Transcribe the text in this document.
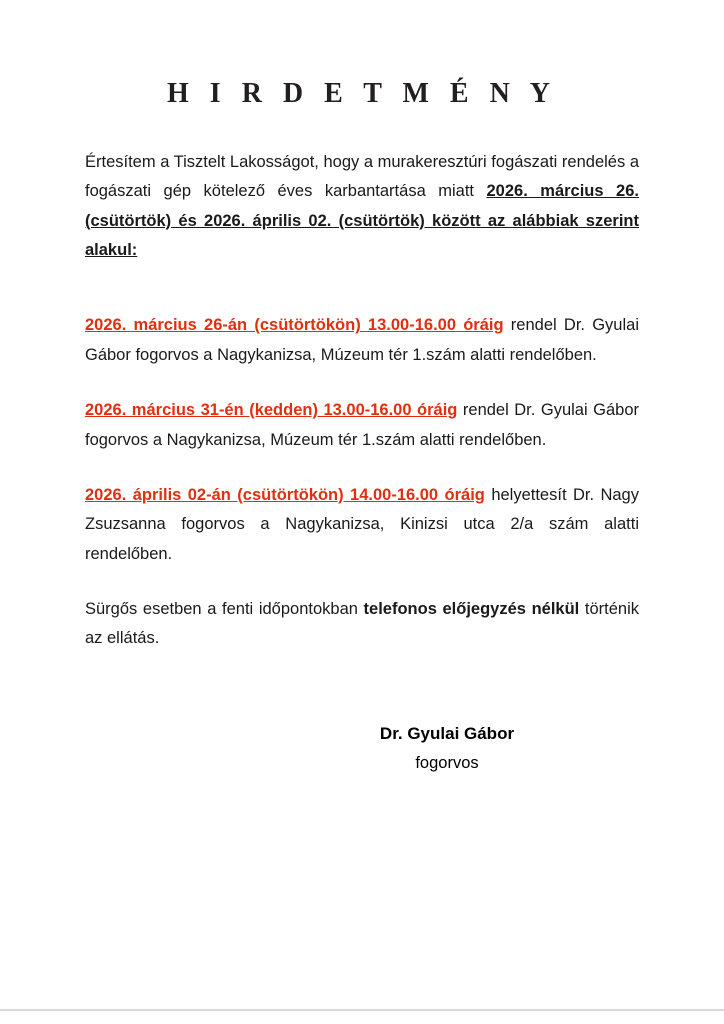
H I R D E T M É N Y

Értesítem a Tisztelt Lakosságot, hogy a murakeresztúri fogászati rendelés a fogászati gép kötelező éves karbantartása miatt 2026. március 26. (csütörtök) és 2026. április 02. (csütörtök) között az alábbiak szerint alakul:

2026. március 26-án (csütörtökön) 13.00-16.00 óráig rendel Dr. Gyulai Gábor fogorvos a Nagykanizsa, Múzeum tér 1.szám alatti rendelőben.

2026. március 31-én (kedden) 13.00-16.00 óráig rendel Dr. Gyulai Gábor fogorvos a Nagykanizsa, Múzeum tér 1.szám alatti rendelőben.

2026. április 02-án (csütörtökön) 14.00-16.00 óráig helyettesít Dr. Nagy Zsuzsanna fogorvos a Nagykanizsa, Kinizsi utca 2/a szám alatti rendelőben.

Sürgős esetben a fenti időpontokban telefonos előjegyzés nélkül történik az ellátás.

Dr. Gyulai Gábor
fogorvos
